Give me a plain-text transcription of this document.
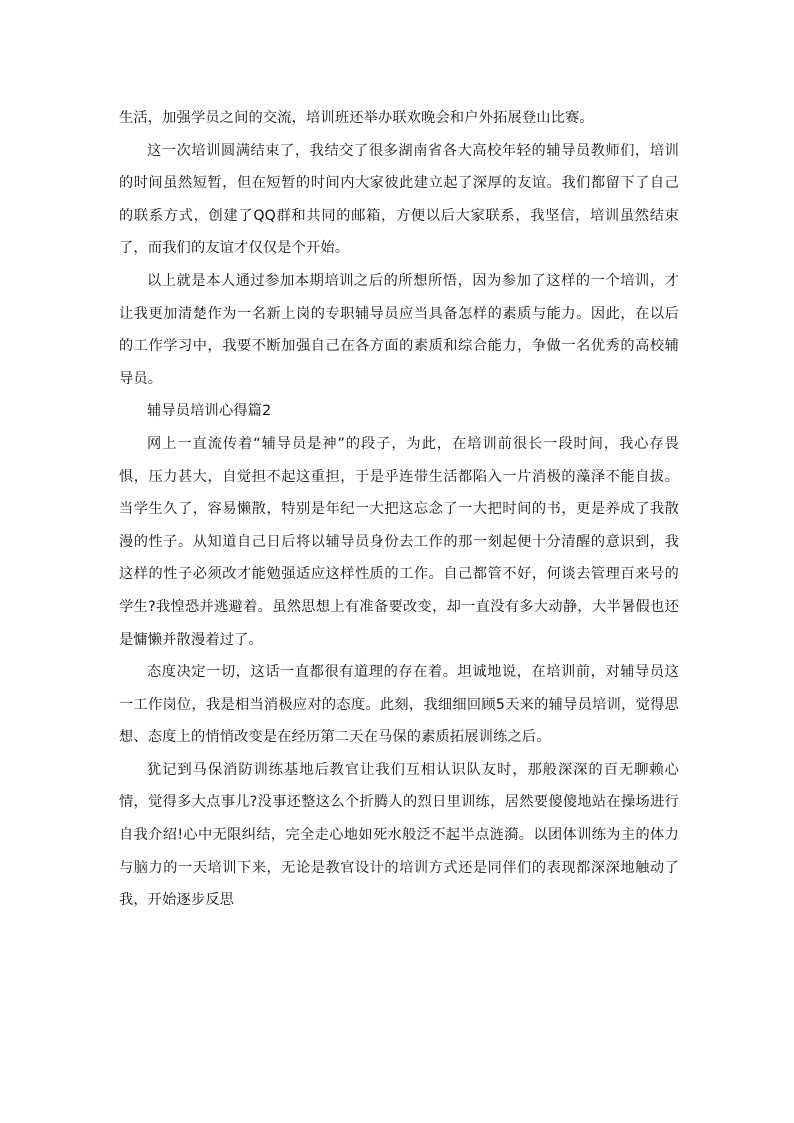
生活，加强学员之间的交流，培训班还举办联欢晚会和户外拓展登山比赛。

这一次培训圆满结束了，我结交了很多湖南省各大高校年轻的辅导员教师们，培训的时间虽然短暂，但在短暂的时间内大家彼此建立起了深厚的友谊。我们都留下了自己的联系方式，创建了QQ群和共同的邮箱，方便以后大家联系，我坚信，培训虽然结束了，而我们的友谊才仅仅是个开始。

以上就是本人通过参加本期培训之后的所想所悟，因为参加了这样的一个培训，才让我更加清楚作为一名新上岗的专职辅导员应当具备怎样的素质与能力。因此，在以后的工作学习中，我要不断加强自己在各方面的素质和综合能力，争做一名优秀的高校辅导员。

辅导员培训心得篇2

网上一直流传着“辅导员是神”的段子，为此，在培训前很长一段时间，我心存畏惧，压力甚大，自觉担不起这重担，于是乎连带生活都陷入一片消极的藻泽不能自拔。当学生久了，容易懒散，特别是年纪一大把这忘念了一大把时间的书，更是养成了我散漫的性子。从知道自己日后将以辅导员身份去工作的那一刻起便十分清醒的意识到，我这样的性子必须改才能勉强适应这样性质的工作。自己都管不好，何谈去管理百来号的学生?我惶恐并逃避着。虽然思想上有准备要改变，却一直没有多大动静，大半暑假也还是慵懒并散漫着过了。

态度决定一切，这话一直都很有道理的存在着。坦诚地说，在培训前，对辅导员这一工作岗位，我是相当消极应对的态度。此刻，我细细回顾5天来的辅导员培训，觉得思想、态度上的悄悄改变是在经历第二天在马保的素质拓展训练之后。

犹记到马保消防训练基地后教官让我们互相认识队友时，那般深深的百无聊赖心情，觉得多大点事儿?没事还整这么个折腾人的烈日里训练，居然要傻傻地站在操场进行自我介绍!心中无限纠结，完全走心地如死水般泛不起半点涟漪。以团体训练为主的体力与脑力的一天培训下来，无论是教官设计的培训方式还是同伴们的表现都深深地触动了我，开始逐步反思
